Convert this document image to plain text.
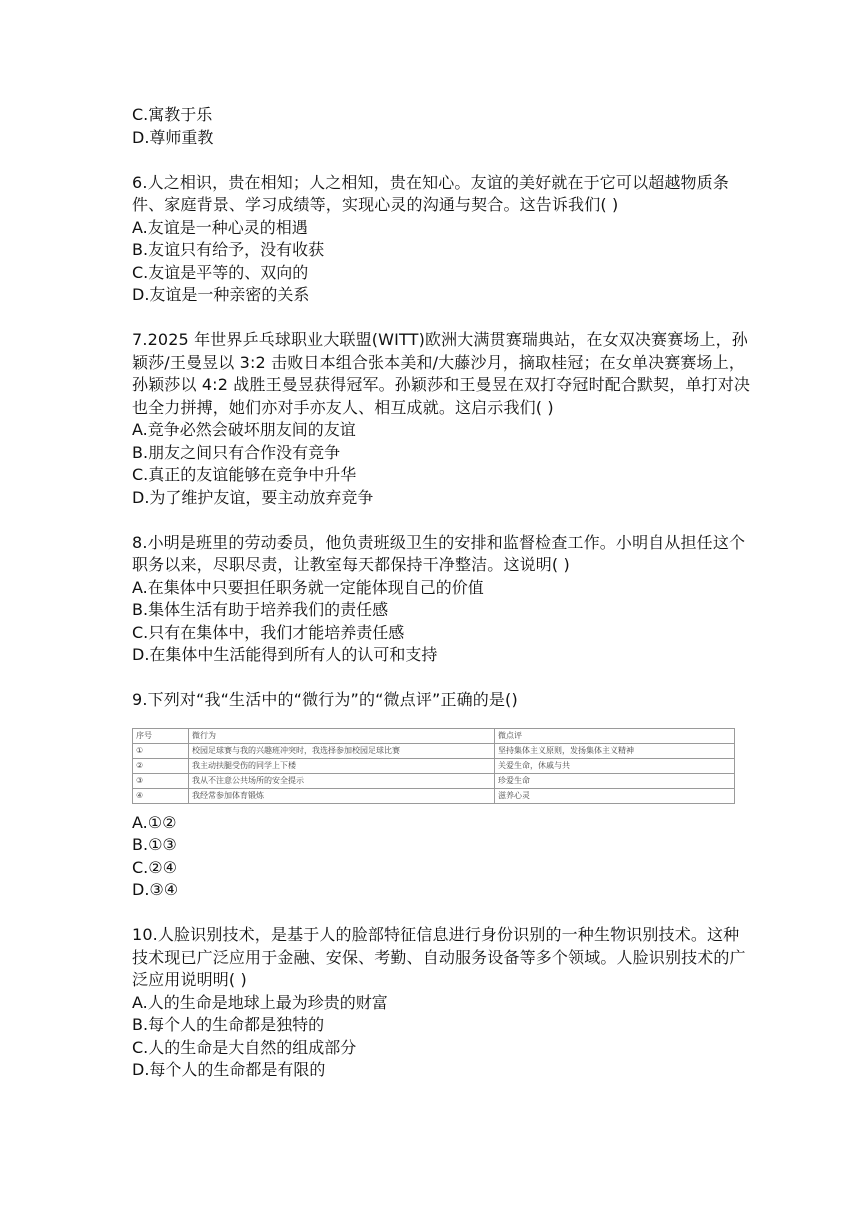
C.寓教于乐
D.尊师重教
6.人之相识，贵在相知；人之相知，贵在知心。友谊的美好就在于它可以超越物质条件、家庭背景、学习成绩等，实现心灵的沟通与契合。这告诉我们( )
A.友谊是一种心灵的相遇
B.友谊只有给予，没有收获
C.友谊是平等的、双向的
D.友谊是一种亲密的关系
7.2025 年世界乒乓球职业大联盟(WITT)欧洲大满贯赛瑞典站，在女双决赛赛场上，孙颖莎/王曼昱以 3:2 击败日本组合张本美和/大藤沙月，摘取桂冠；在女单决赛赛场上，孙颖莎以 4:2 战胜王曼昱获得冠军。孙颖莎和王曼昱在双打夺冠时配合默契，单打对决也全力拼搏，她们亦对手亦友人、相互成就。这启示我们( )
A.竞争必然会破坏朋友间的友谊
B.朋友之间只有合作没有竞争
C.真正的友谊能够在竞争中升华
D.为了维护友谊，要主动放弃竞争
8.小明是班里的劳动委员，他负责班级卫生的安排和监督检查工作。小明自从担任这个职务以来，尽职尽责，让教室每天都保持干净整洁。这说明( )
A.在集体中只要担任职务就一定能体现自己的价值
B.集体生活有助于培养我们的责任感
C.只有在集体中，我们才能培养责任感
D.在集体中生活能得到所有人的认可和支持
9.下列对“我“生活中的“微行为”的“微点评”正确的是()
序号	微行为	微点评
①	校园足球赛与我的兴趣班冲突时，我选择参加校园足球比赛	坚持集体主义原则，发扬集体主义精神
②	我主动扶腿受伤的同学上下楼	关爱生命，休戚与共
③	我从不注意公共场所的安全提示	珍爱生命
④	我经常参加体育锻炼	滋养心灵
A.①②
B.①③
C.②④
D.③④
10.人脸识别技术，是基于人的脸部特征信息进行身份识别的一种生物识别技术。这种技术现已广泛应用于金融、安保、考勤、自动服务设备等多个领域。人脸识别技术的广泛应用说明明( )
A.人的生命是地球上最为珍贵的财富
B.每个人的生命都是独特的
C.人的生命是大自然的组成部分
D.每个人的生命都是有限的
